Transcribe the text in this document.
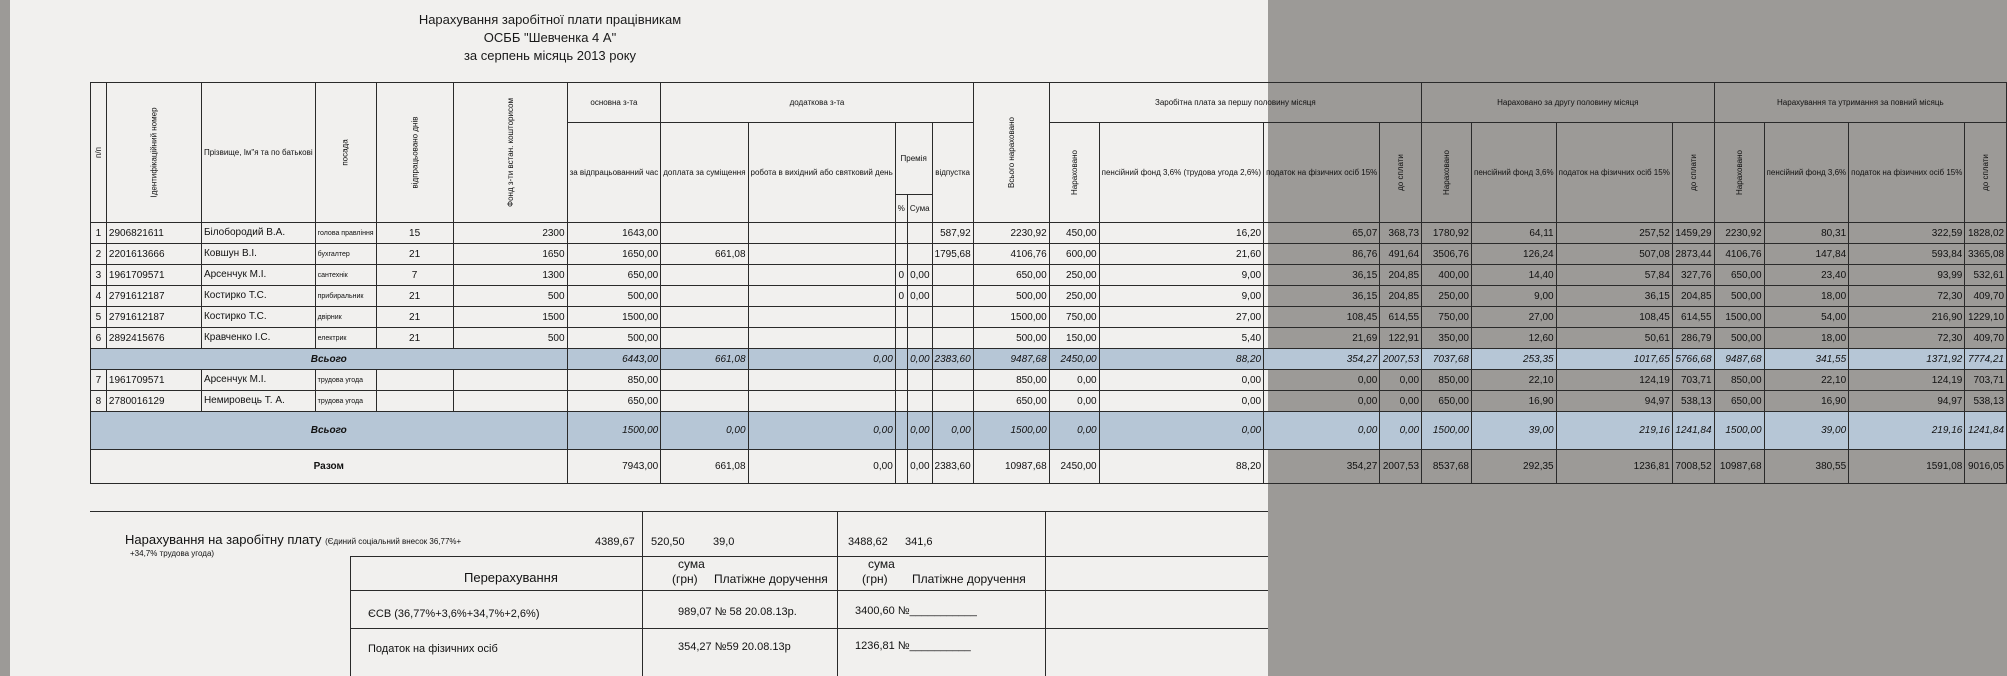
Нарахування заробітної плати працівникам
ОСББ "Шевченка 4 А"
за серпень місяць 2013 року
п/п	Ідентифікаційний номер	Прізвище, Ім"я та по батькові	посада	відпрацьовано днів	Фонд з-ти встан. кошторисом	основна з-та	додаткова з-та					Всього нараховано	Заробітна плата за першу половину місяця				Нараховано за другу половину місяця				Нарахування та утримання за повний місяць			
						за відпрацьованний час	доплата за суміщення	робота в вихідний або святковий день	Премія		відпустка		Нараховано	пенсійний фонд 3,6% (трудова угода 2,6%)	податок на фізичних осіб 15%	до сплати	Нараховано	пенсійний фонд 3,6%	податок на фізичних осіб 15%	до сплати	Нараховано	пенсійний фонд 3,6%	податок на фізичних осіб 15%	до сплати
									%	Сума														
1	2906821611	Білобородий В.А.	голова правління	15	2300	1643,00					587,92	2230,92	450,00	16,20	65,07	368,73	1780,92	64,11	257,52	1459,29	2230,92	80,31	322,59	1828,02
2	2201613666	Ковшун В.І.	бухгалтер	21	1650	1650,00	661,08				1795,68	4106,76	600,00	21,60	86,76	491,64	3506,76	126,24	507,08	2873,44	4106,76	147,84	593,84	3365,08
3	1961709571	Арсенчук М.І.	сантехнік	7	1300	650,00			0	0,00		650,00	250,00	9,00	36,15	204,85	400,00	14,40	57,84	327,76	650,00	23,40	93,99	532,61
4	2791612187	Костирко Т.С.	прибиральник	21	500	500,00			0	0,00		500,00	250,00	9,00	36,15	204,85	250,00	9,00	36,15	204,85	500,00	18,00	72,30	409,70
5	2791612187	Костирко Т.С.	двірник	21	1500	1500,00						1500,00	750,00	27,00	108,45	614,55	750,00	27,00	108,45	614,55	1500,00	54,00	216,90	1229,10
6	2892415676	Кравченко І.С.	електрик	21	500	500,00						500,00	150,00	5,40	21,69	122,91	350,00	12,60	50,61	286,79	500,00	18,00	72,30	409,70
Всього						6443,00	661,08	0,00		0,00	2383,60	9487,68	2450,00	88,20	354,27	2007,53	7037,68	253,35	1017,65	5766,68	9487,68	341,55	1371,92	7774,21
7	1961709571	Арсенчук М.І.	трудова угода			850,00						850,00	0,00	0,00	0,00	0,00	850,00	22,10	124,19	703,71	850,00	22,10	124,19	703,71
8	2780016129	Немировець Т. А.	трудова угода			650,00						650,00	0,00	0,00	0,00	0,00	650,00	16,90	94,97	538,13	650,00	16,90	94,97	538,13
Всього						1500,00	0,00	0,00		0,00	0,00	1500,00	0,00	0,00	0,00	0,00	1500,00	39,00	219,16	1241,84	1500,00	39,00	219,16	1241,84
Разом						7943,00	661,08	0,00		0,00	2383,60	10987,68	2450,00	88,20	354,27	2007,53	8537,68	292,35	1236,81	7008,52	10987,68	380,55	1591,08	9016,05
Нарахування на заробітну плату (Єдиний соціальний внесок 36,77%+
+34,7% трудова угода)
4389,67 520,50	39,0	3488,62 341,6
Перерахування
сума
(грн) Платіжне доручення
сума
(грн) Платіжне доручення
ЄСВ (36,77%+3,6%+34,7%+2,6%)	989,07 № 58 20.08.13р.	3400,60 №___________
Податок на фізичних осіб	354,27 №59 20.08.13р	1236,81 №__________
